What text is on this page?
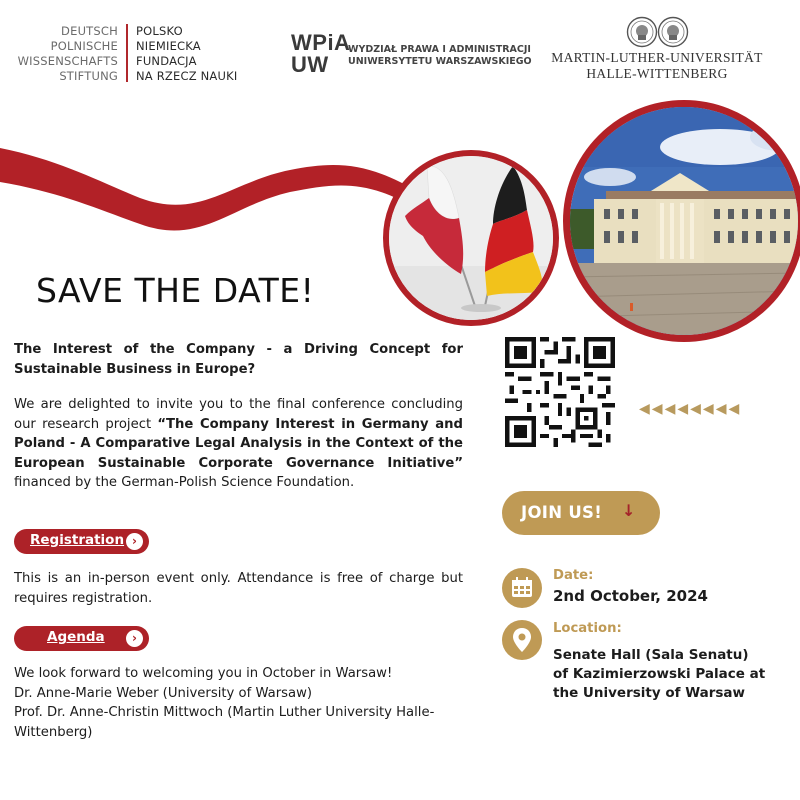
DEUTSCH
POLNISCHE
WISSENSCHAFTS
STIFTUNG
POLSKO
NIEMIECKA
FUNDACJA
NA RZECZ NAUKI
WPiA
UW
WYDZIAŁ PRAWA I ADMINISTRACJI
UNIWERSYTETU WARSZAWSKIEGO MARTIN-LUTHER-UNIVERSITÄT
HALLE-WITTENBERG
SAVE THE DATE!
The Interest of the Company - a Driving Concept for Sustainable Business in Europe?
We are delighted to invite you to the final conference concluding our research project “The Company Interest in Germany and Poland - A Comparative Legal Analysis in the Context of the European Sustainable Corporate Governance Initiative” financed by the German-Polish Science Foundation.
Registration ›
This is an in-person event only. Attendance is free of charge but requires registration.
Agenda	›
We look forward to welcoming you in October in Warsaw!
Dr. Anne-Marie Weber (University of Warsaw)
Prof. Dr. Anne-Christin Mittwoch (Martin Luther University Halle-Wittenberg)
◀ ◀ ◀ ◀ ◀ ◀ ◀ ◀
JOIN US! ↓
Date:
2nd October, 2024
Location:
Senate Hall (Sala Senatu)
of Kazimierzowski Palace at
the University of Warsaw
